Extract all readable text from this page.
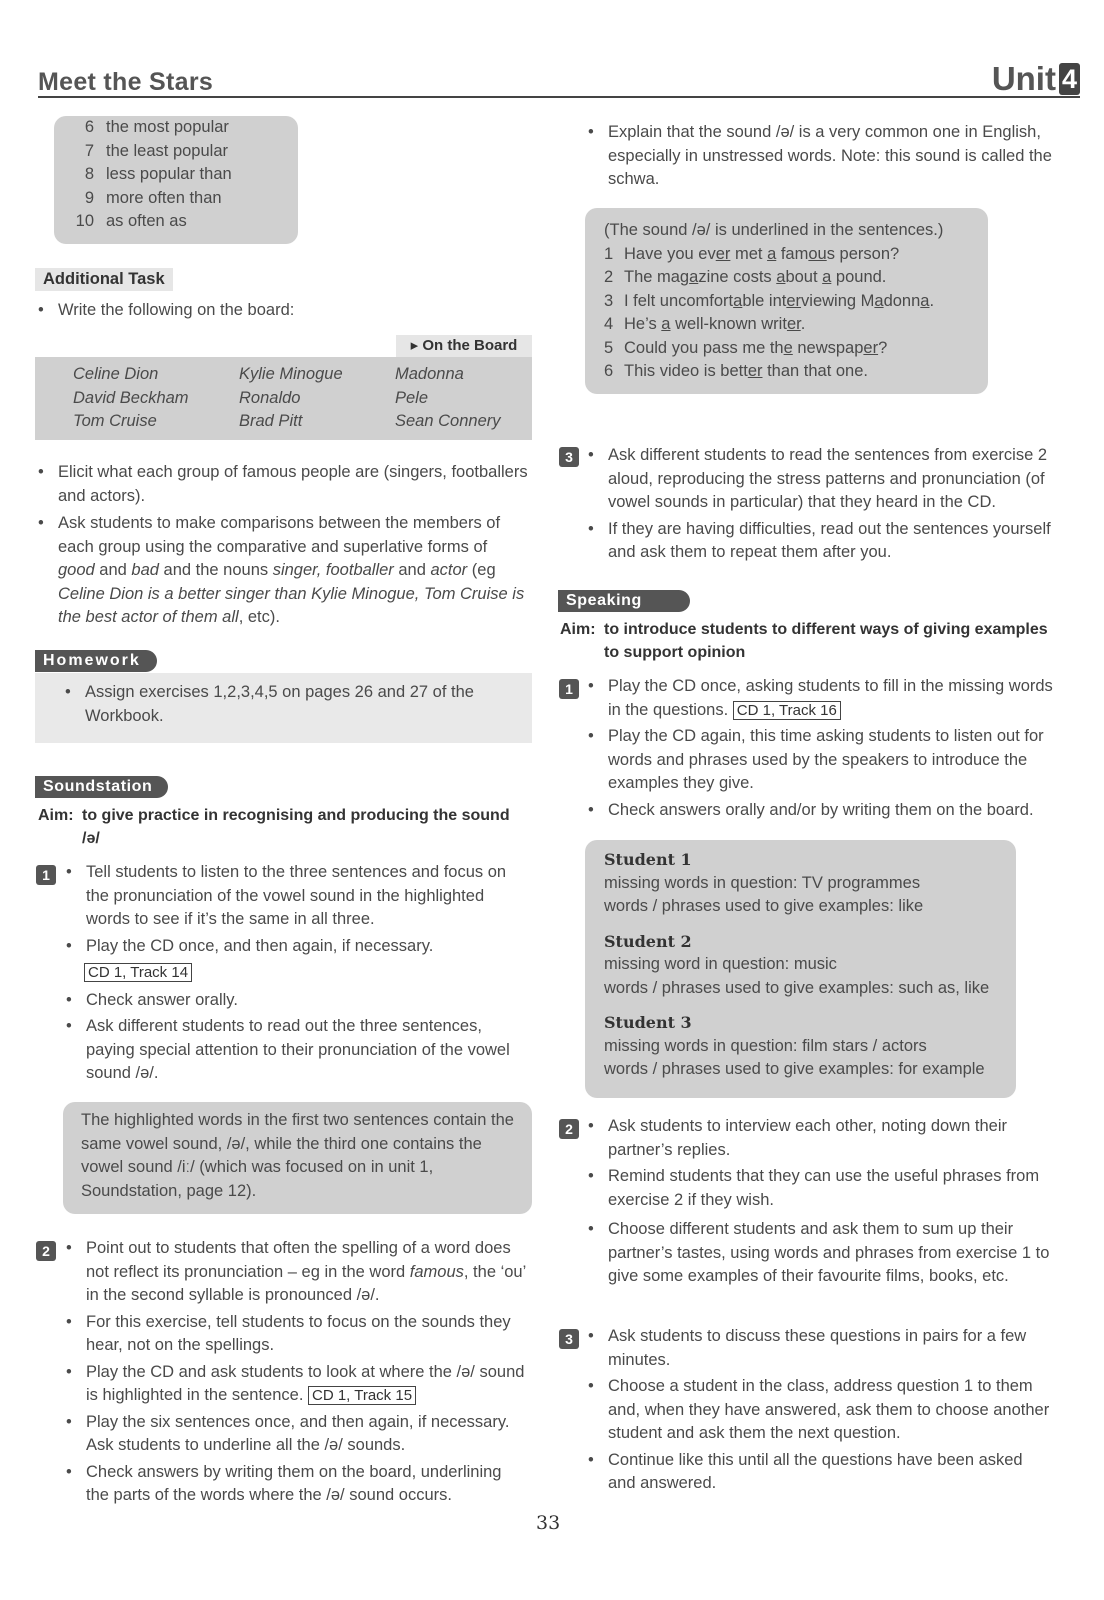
Meet the Stars	Unit 4
6 the most popular
7 the least popular
8 less popular than
9 more often than
10 as often as
Additional Task
• Write the following on the board:
▸ On the Board
Celine Dion	Kylie Minogue	Madonna
David Beckham	Ronaldo	Pele
Tom Cruise	Brad Pitt	Sean Connery
• Elicit what each group of famous people are (singers, footballers and actors).
• Ask students to make comparisons between the members of each group using the comparative and superlative forms of good and bad and the nouns singer, footballer and actor (eg Celine Dion is a better singer than Kylie Minogue, Tom Cruise is the best actor of them all, etc).
Homework
• Assign exercises 1,2,3,4,5 on pages 26 and 27 of the Workbook.
Soundstation
Aim: to give practice in recognising and producing the sound /ə/
1 • Tell students to listen to the three sentences and focus on the pronunciation of the vowel sound in the highlighted words to see if it’s the same in all three.
• Play the CD once, and then again, if necessary.
CD 1, Track 14
• Check answer orally.
• Ask different students to read out the three sentences, paying special attention to their pronunciation of the vowel sound /ə/.
The highlighted words in the first two sentences contain the same vowel sound, /ə/, while the third one contains the vowel sound /iː/ (which was focused on in unit 1, Soundstation, page 12).
2 • Point out to students that often the spelling of a word does not reflect its pronunciation – eg in the word famous, the ‘ou’ in the second syllable is pronounced /ə/.
• For this exercise, tell students to focus on the sounds they hear, not on the spellings.
• Play the CD and ask students to look at where the /ə/ sound is highlighted in the sentence. CD 1, Track 15
• Play the six sentences once, and then again, if necessary. Ask students to underline all the /ə/ sounds.
• Check answers by writing them on the board, underlining the parts of the words where the /ə/ sound occurs.
• Explain that the sound /ə/ is a very common one in English, especially in unstressed words. Note: this sound is called the schwa.
(The sound /ə/ is underlined in the sentences.)
1 Have you ever met a famous person?
2 The magazine costs about a pound.
3 I felt uncomfortable interviewing Madonna.
4 He’s a well-known writer.
5 Could you pass me the newspaper?
6 This video is better than that one.
3 • Ask different students to read the sentences from exercise 2 aloud, reproducing the stress patterns and pronunciation (of vowel sounds in particular) that they heard in the CD.
• If they are having difficulties, read out the sentences yourself and ask them to repeat them after you.
Speaking
Aim: to introduce students to different ways of giving examples to support opinion
1 • Play the CD once, asking students to fill in the missing words in the questions. CD 1, Track 16
• Play the CD again, this time asking students to listen out for words and phrases used by the speakers to introduce the examples they give.
• Check answers orally and/or by writing them on the board.
Student 1
missing words in question: TV programmes
words / phrases used to give examples: like
Student 2
missing word in question: music
words / phrases used to give examples: such as, like
Student 3
missing words in question: film stars / actors
words / phrases used to give examples: for example
2 • Ask students to interview each other, noting down their partner’s replies.
• Remind students that they can use the useful phrases from exercise 2 if they wish.
• Choose different students and ask them to sum up their partner’s tastes, using words and phrases from exercise 1 to give some examples of their favourite films, books, etc.
3 • Ask students to discuss these questions in pairs for a few minutes.
• Choose a student in the class, address question 1 to them and, when they have answered, ask them to choose another student and ask them the next question.
• Continue like this until all the questions have been asked and answered.
33
